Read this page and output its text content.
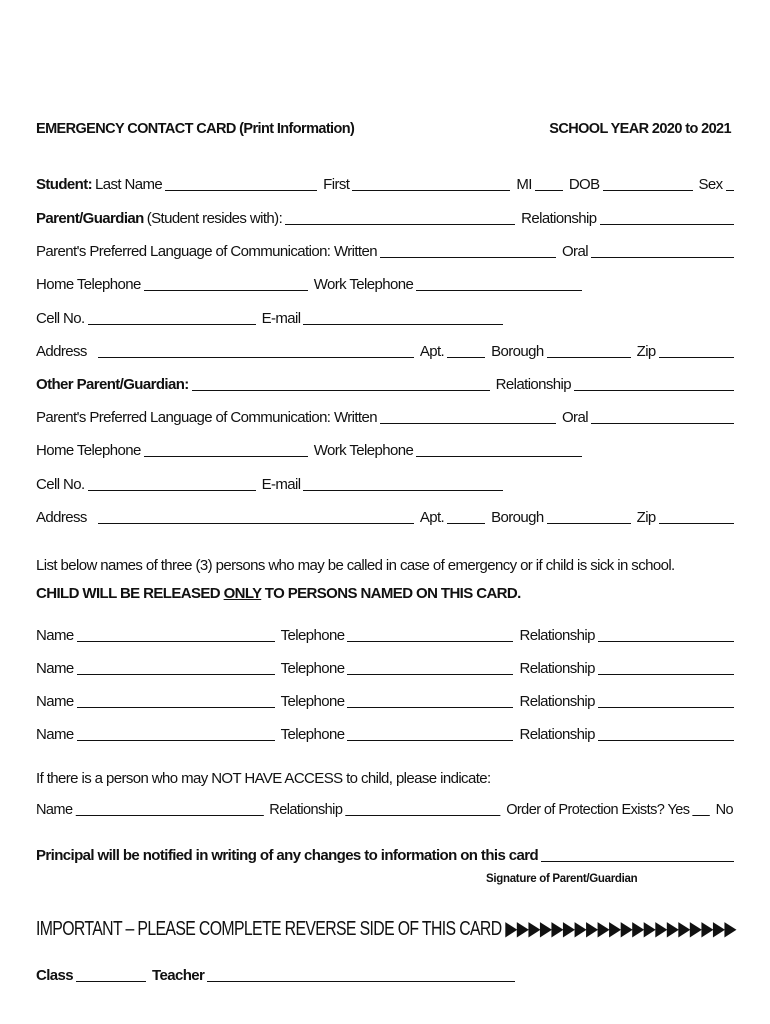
EMERGENCY CONTACT CARD (Print Information)	SCHOOL YEAR 2020 to 2021
Student: Last Name	First	MI	DOB	Sex
Parent/Guardian (Student resides with):	Relationship
Parent's Preferred Language of Communication: Written	Oral
Home Telephone	Work Telephone
Cell No.	E-mail
Address	Apt.	Borough	Zip
Other Parent/Guardian:	Relationship
Parent's Preferred Language of Communication: Written	Oral
Home Telephone	Work Telephone
Cell No.	E-mail
Address	Apt.	Borough	Zip
List below names of three (3) persons who may be called in case of emergency or if child is sick in school.
CHILD WILL BE RELEASED ONLY TO PERSONS NAMED ON THIS CARD.
Name	Telephone	Relationship
Name	Telephone	Relationship
Name	Telephone	Relationship
Name	Telephone	Relationship
If there is a person who may NOT HAVE ACCESS to child, please indicate:
Name	Relationship	Order of Protection Exists? Yes	No
Principal will be notified in writing of any changes to information on this card
Signature of Parent/Guardian
IMPORTANT – PLEASE COMPLETE REVERSE SIDE OF THIS CARD ▶▶▶▶▶▶▶▶▶▶▶▶▶▶▶▶▶▶▶▶
Class	Teacher
